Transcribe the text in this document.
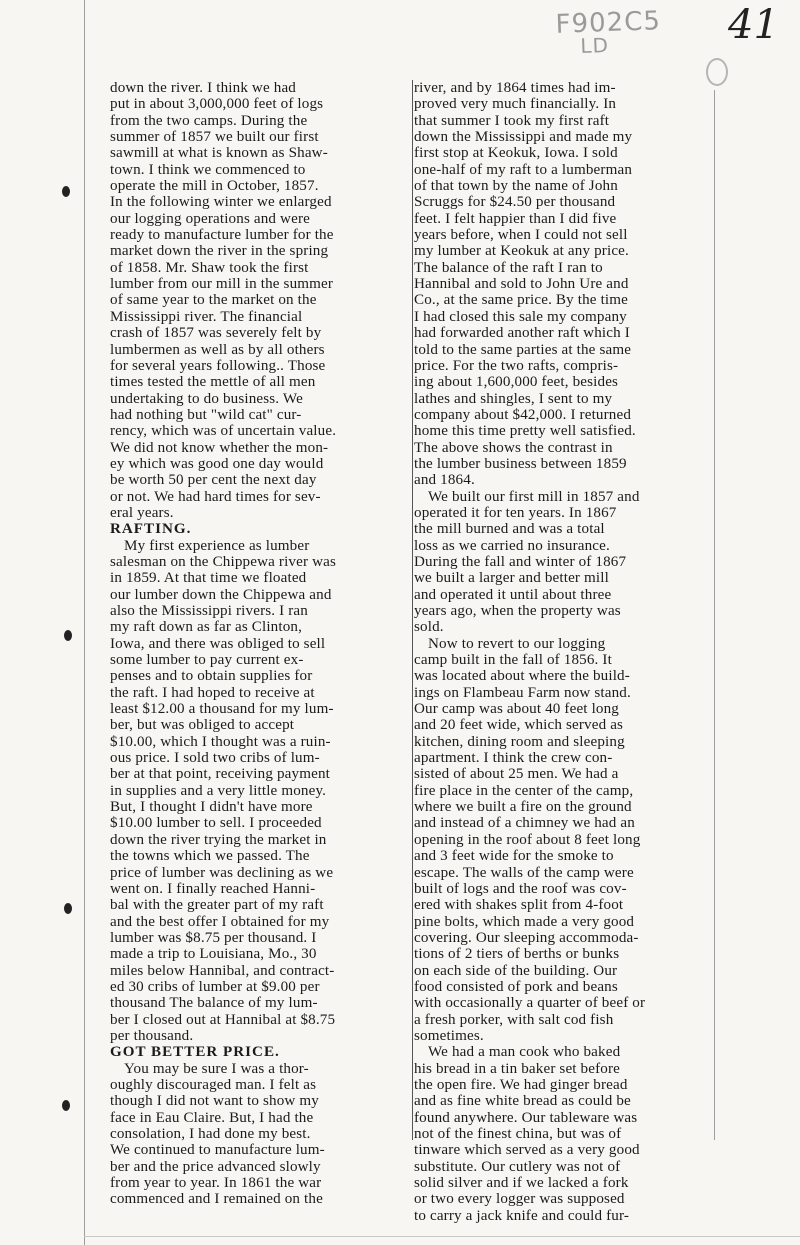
F902C5
LD	41
down the river. I think we had
put in about 3,000,000 feet of logs
from the two camps. During the
summer of 1857 we built our first
sawmill at what is known as Shaw-
town. I think we commenced to
operate the mill in October, 1857.
In the following winter we enlarged
our logging operations and were
ready to manufacture lumber for the
market down the river in the spring
of 1858. Mr. Shaw took the first
lumber from our mill in the summer
of same year to the market on the
Mississippi river. The financial
crash of 1857 was severely felt by
lumbermen as well as by all others
for several years following.. Those
times tested the mettle of all men
undertaking to do business. We
had nothing but "wild cat" cur-
rency, which was of uncertain value.
We did not know whether the mon-
ey which was good one day would
be worth 50 per cent the next day
or not. We had hard times for sev-
eral years.
RAFTING.
My first experience as lumber
salesman on the Chippewa river was
in 1859. At that time we floated
our lumber down the Chippewa and
also the Mississippi rivers. I ran
my raft down as far as Clinton,
Iowa, and there was obliged to sell
some lumber to pay current ex-
penses and to obtain supplies for
the raft. I had hoped to receive at
least $12.00 a thousand for my lum-
ber, but was obliged to accept
$10.00, which I thought was a ruin-
ous price. I sold two cribs of lum-
ber at that point, receiving payment
in supplies and a very little money.
But, I thought I didn't have more
$10.00 lumber to sell. I proceeded
down the river trying the market in
the towns which we passed. The
price of lumber was declining as we
went on. I finally reached Hanni-
bal with the greater part of my raft
and the best offer I obtained for my
lumber was $8.75 per thousand. I
made a trip to Louisiana, Mo., 30
miles below Hannibal, and contract-
ed 30 cribs of lumber at $9.00 per
thousand The balance of my lum-
ber I closed out at Hannibal at $8.75
per thousand.
GOT BETTER PRICE.
You may be sure I was a thor-
oughly discouraged man. I felt as
though I did not want to show my
face in Eau Claire. But, I had the
consolation, I had done my best.
We continued to manufacture lum-
ber and the price advanced slowly
from year to year. In 1861 the war
commenced and I remained on the
river, and by 1864 times had im-
proved very much financially. In
that summer I took my first raft
down the Mississippi and made my
first stop at Keokuk, Iowa. I sold
one-half of my raft to a lumberman
of that town by the name of John
Scruggs for $24.50 per thousand
feet. I felt happier than I did five
years before, when I could not sell
my lumber at Keokuk at any price.
The balance of the raft I ran to
Hannibal and sold to John Ure and
Co., at the same price. By the time
I had closed this sale my company
had forwarded another raft which I
told to the same parties at the same
price. For the two rafts, compris-
ing about 1,600,000 feet, besides
lathes and shingles, I sent to my
company about $42,000. I returned
home this time pretty well satisfied.
The above shows the contrast in
the lumber business between 1859
and 1864.
We built our first mill in 1857 and
operated it for ten years. In 1867
the mill burned and was a total
loss as we carried no insurance.
During the fall and winter of 1867
we built a larger and better mill
and operated it until about three
years ago, when the property was
sold.
Now to revert to our logging
camp built in the fall of 1856. It
was located about where the build-
ings on Flambeau Farm now stand.
Our camp was about 40 feet long
and 20 feet wide, which served as
kitchen, dining room and sleeping
apartment. I think the crew con-
sisted of about 25 men. We had a
fire place in the center of the camp,
where we built a fire on the ground
and instead of a chimney we had an
opening in the roof about 8 feet long
and 3 feet wide for the smoke to
escape. The walls of the camp were
built of logs and the roof was cov-
ered with shakes split from 4-foot
pine bolts, which made a very good
covering. Our sleeping accommoda-
tions of 2 tiers of berths or bunks
on each side of the building. Our
food consisted of pork and beans
with occasionally a quarter of beef or
a fresh porker, with salt cod fish
sometimes.
We had a man cook who baked
his bread in a tin baker set before
the open fire. We had ginger bread
and as fine white bread as could be
found anywhere. Our tableware was
not of the finest china, but was of
tinware which served as a very good
substitute. Our cutlery was not of
solid silver and if we lacked a fork
or two every logger was supposed
to carry a jack knife and could fur-
